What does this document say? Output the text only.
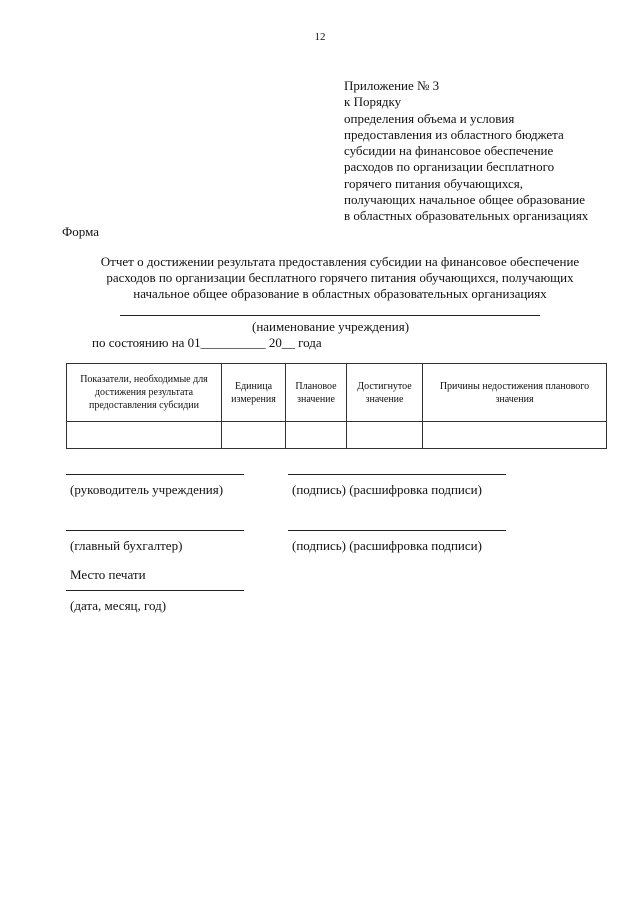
12
Приложение № 3
к Порядку
определения объема и условия
предоставления из областного бюджета
субсидии на финансовое обеспечение
расходов по организации бесплатного
горячего питания обучающихся,
получающих начальное общее образование
в областных образовательных организациях
Форма
Отчет о достижении результата предоставления субсидии на финансовое обеспечение
расходов по организации бесплатного горячего питания обучающихся, получающих
начальное общее образование в областных образовательных организациях
(наименование учреждения)
по состоянию на 01__________ 20__ года
Показатели, необходимые для достижения результата предоставления субсидии	Единица измерения	Плановое значение	Достигнутое значение	Причины недостижения планового значения

(руководитель учреждения)	(подпись) (расшифровка подписи)
(главный бухгалтер)	(подпись) (расшифровка подписи)
Место печати
(дата, месяц, год)
